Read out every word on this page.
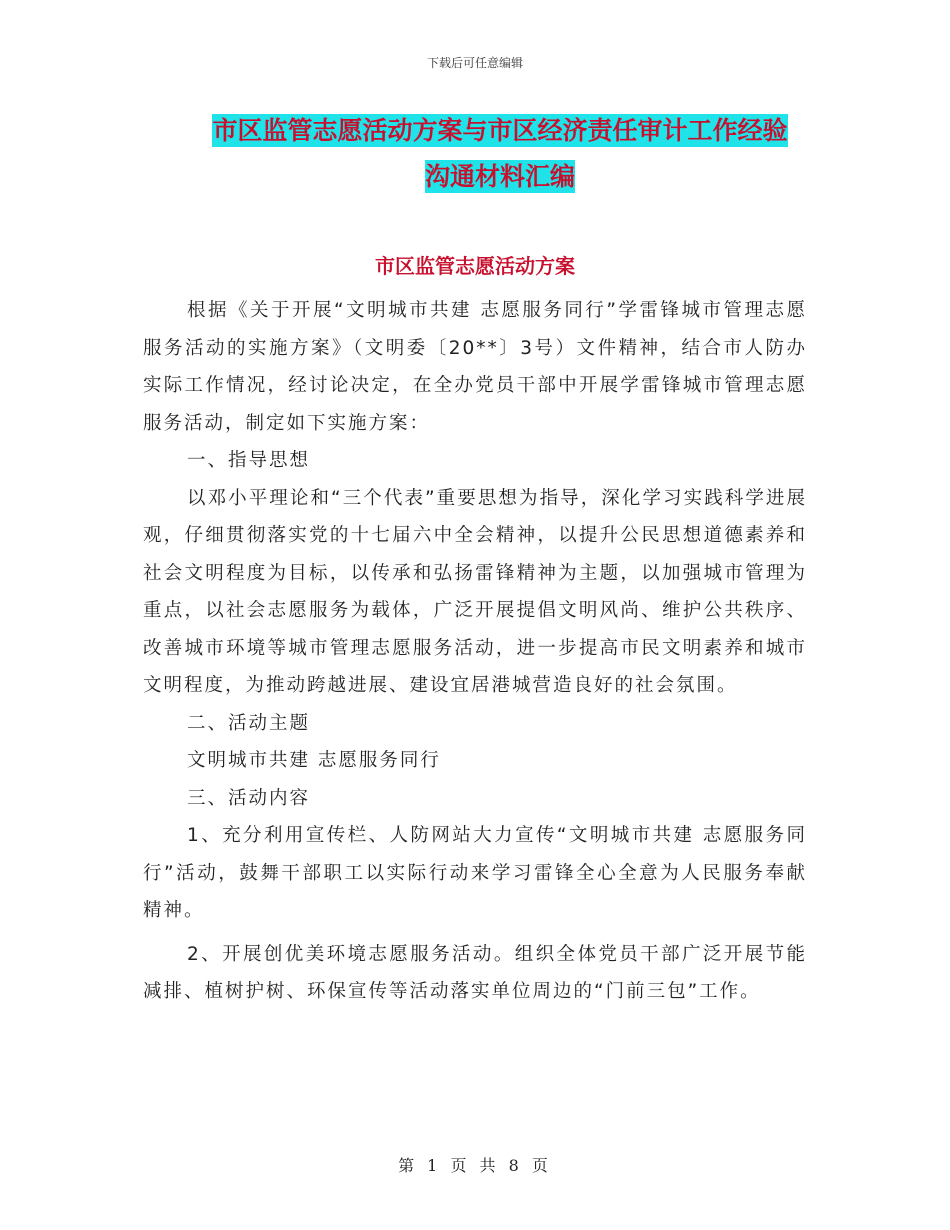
下载后可任意编辑
市区监管志愿活动方案与市区经济责任审计工作经验
沟通材料汇编
市区监管志愿活动方案

根据《关于开展“文明城市共建 志愿服务同行”学雷锋城市管理志愿服务活动的实施方案》（文明委〔20**〕3号）文件精神，结合市人防办实际工作情况，经讨论决定，在全办党员干部中开展学雷锋城市管理志愿服务活动，制定如下实施方案：

一、指导思想

以邓小平理论和“三个代表”重要思想为指导，深化学习实践科学进展观，仔细贯彻落实党的十七届六中全会精神，以提升公民思想道德素养和社会文明程度为目标，以传承和弘扬雷锋精神为主题，以加强城市管理为重点，以社会志愿服务为载体，广泛开展提倡文明风尚、维护公共秩序、改善城市环境等城市管理志愿服务活动，进一步提高市民文明素养和城市文明程度，为推动跨越进展、建设宜居港城营造良好的社会氛围。

二、活动主题

文明城市共建 志愿服务同行

三、活动内容

1、充分利用宣传栏、人防网站大力宣传“文明城市共建 志愿服务同行”活动，鼓舞干部职工以实际行动来学习雷锋全心全意为人民服务奉献精神。

2、开展创优美环境志愿服务活动。组织全体党员干部广泛开展节能减排、植树护树、环保宣传等活动落实单位周边的“门前三包”工作。

第 1 页 共 8 页
